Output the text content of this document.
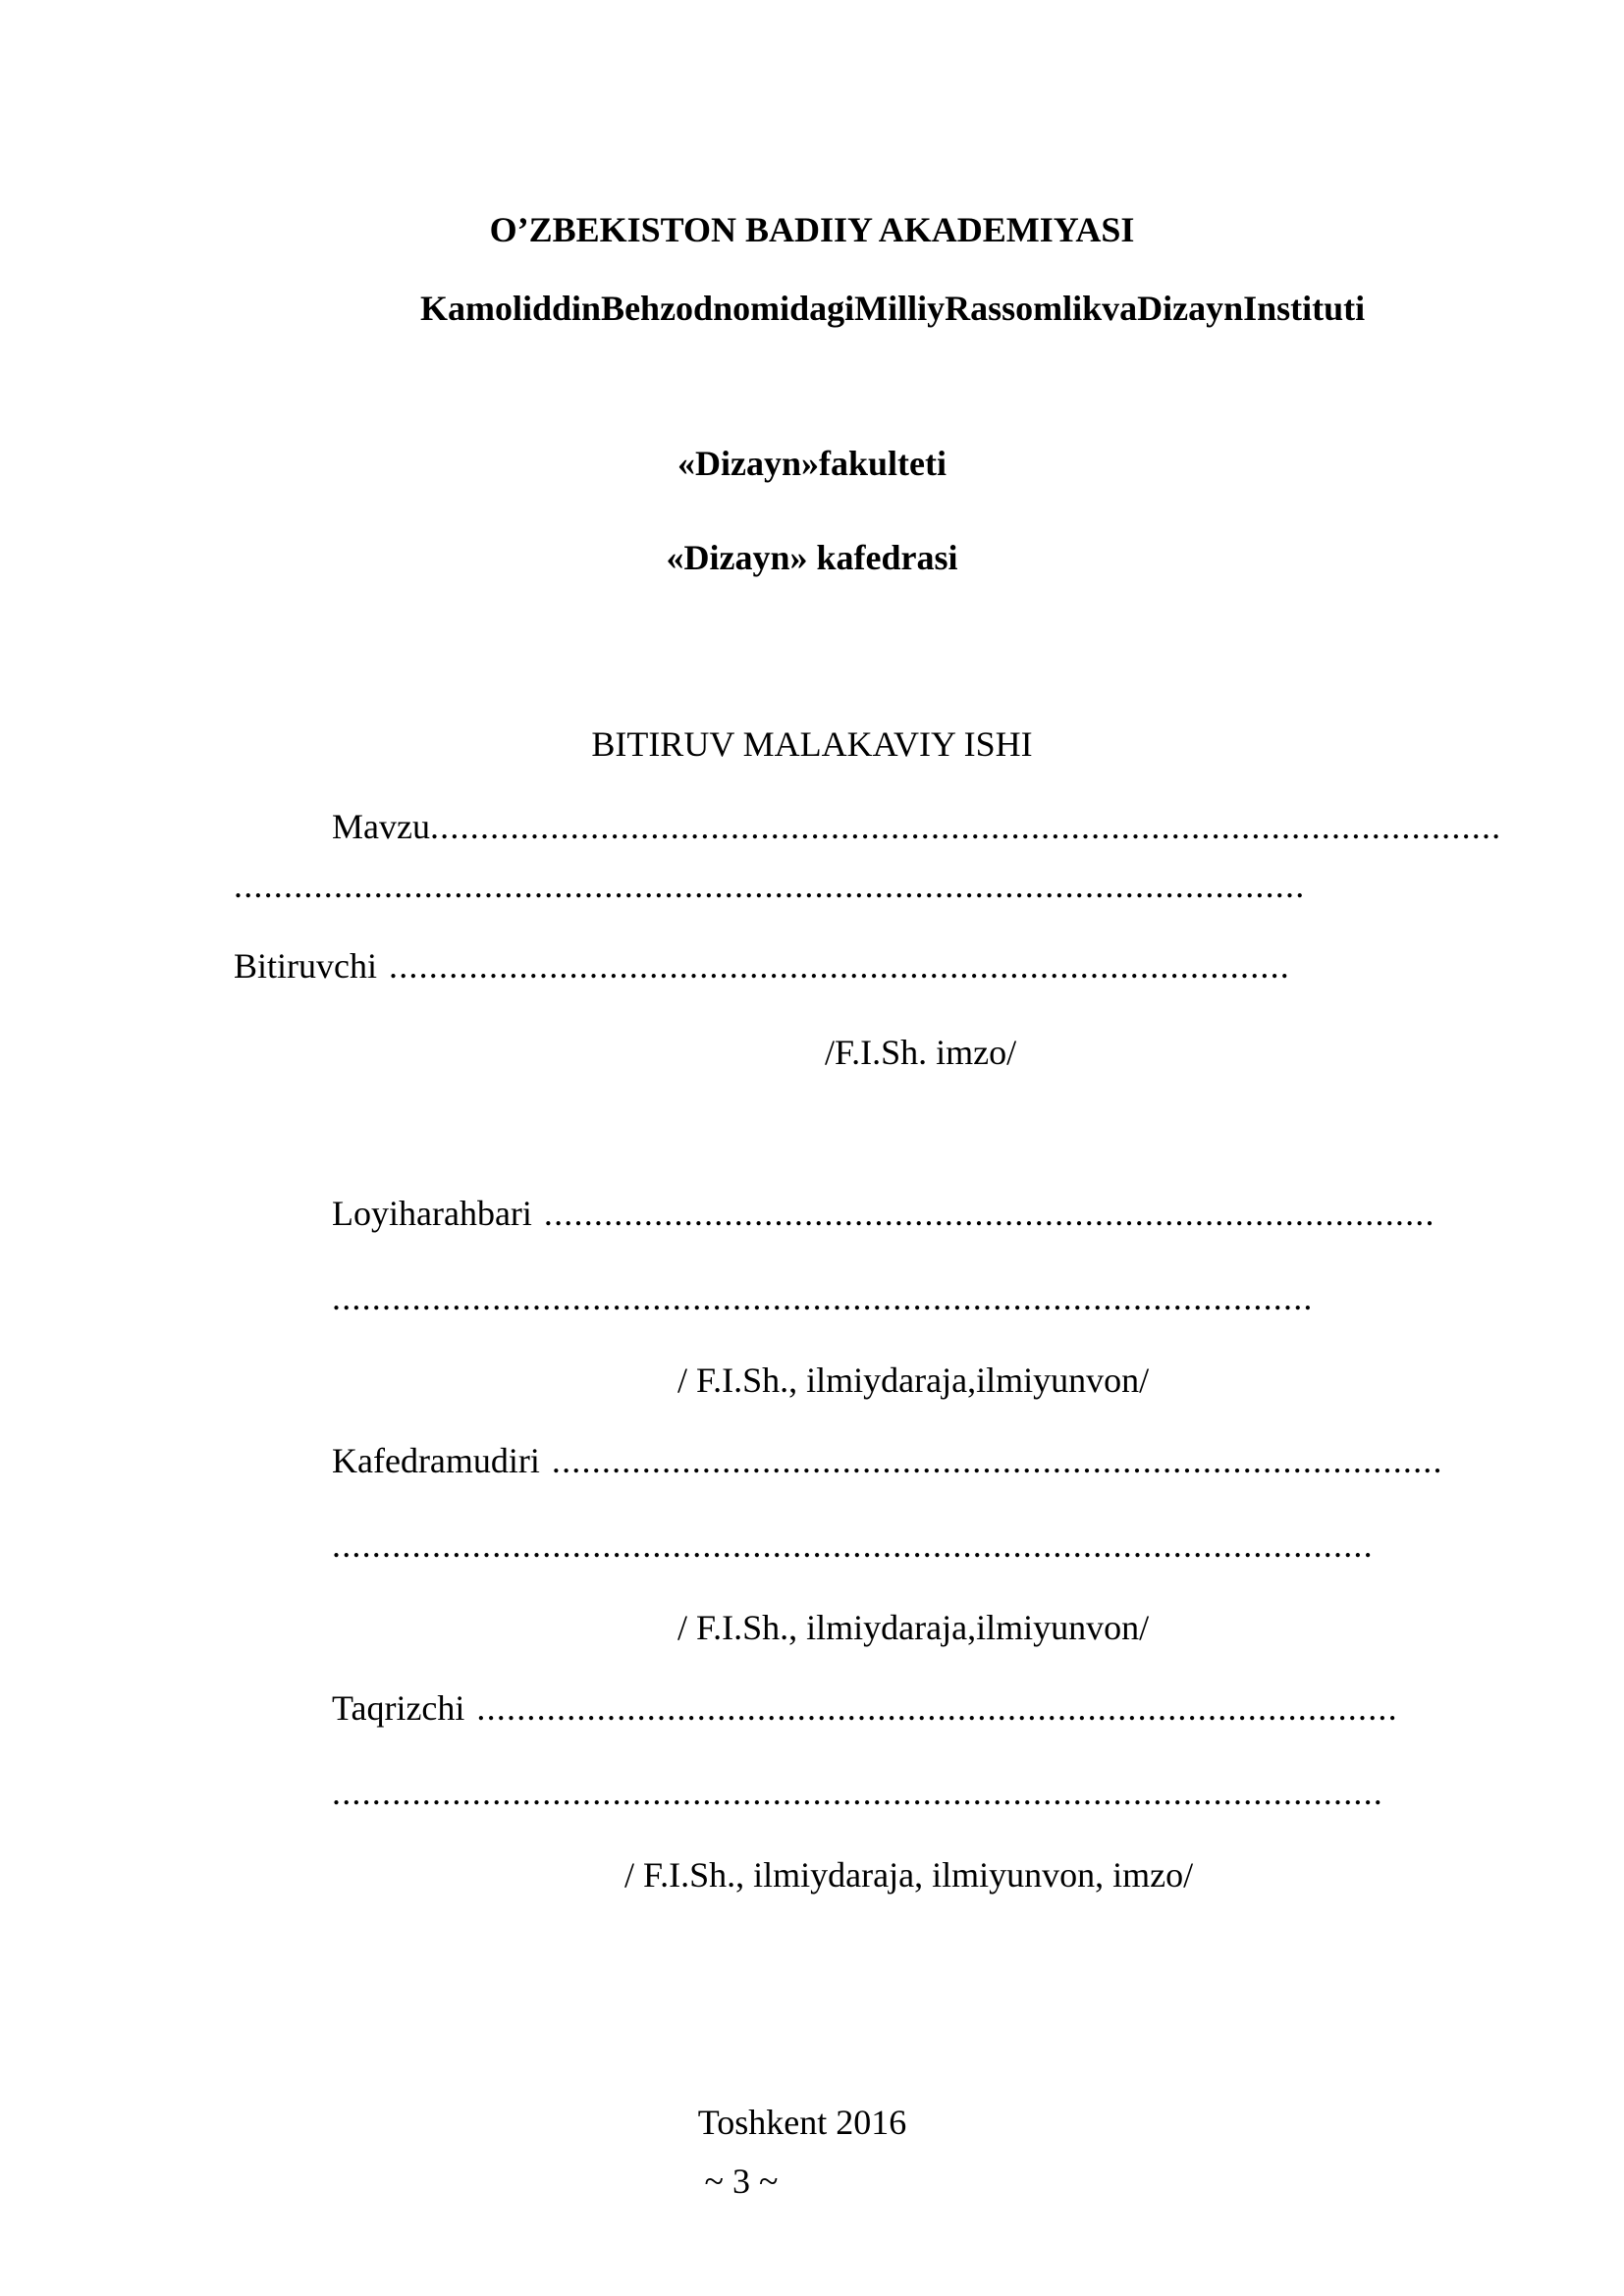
O’ZBEKISTON BADIIY AKADEMIYASI
KamoliddinBehzodnomidagiMilliyRassomlikvaDizaynInstituti
«Dizayn»fakulteti
«Dizayn» kafedrasi
BITIRUV MALAKAVIY ISHI
Mavzu...........................................................................................................
...........................................................................................................
Bitiruvchi ..........................................................................................
/F.I.Sh. imzo/
Loyiharahbari .........................................................................................
..................................................................................................
/ F.I.Sh., ilmiydaraja,ilmiyunvon/
Kafedramudiri .........................................................................................
........................................................................................................
/ F.I.Sh., ilmiydaraja,ilmiyunvon/
Taqrizchi ............................................................................................
.........................................................................................................
/ F.I.Sh., ilmiydaraja, ilmiyunvon, imzo/
Toshkent 2016
~ 3 ~
